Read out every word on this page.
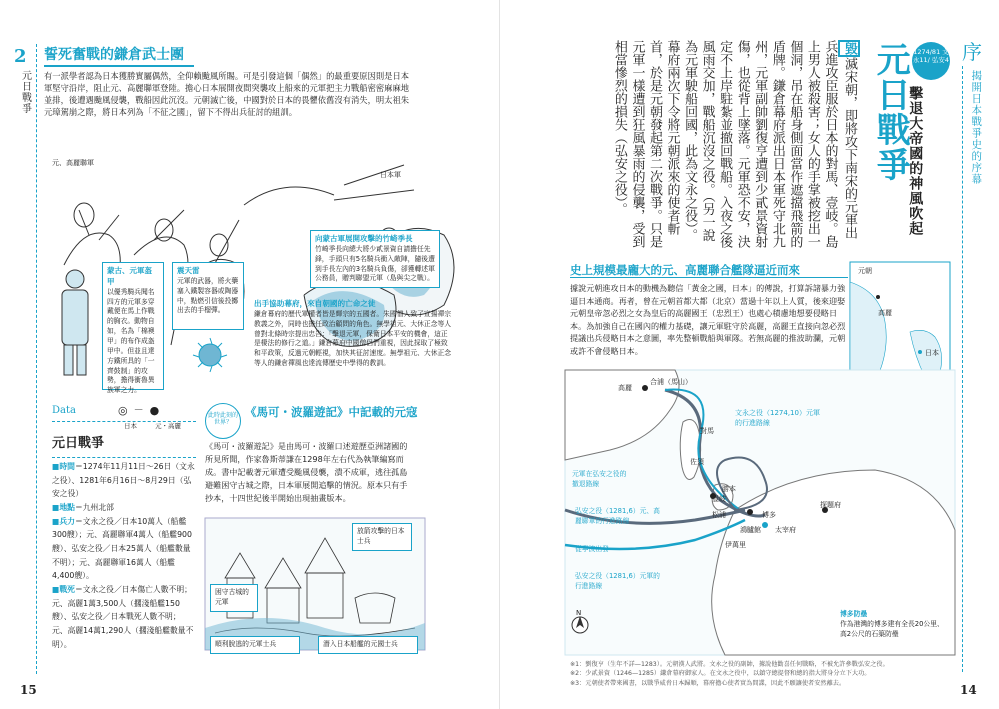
2
元日戰爭
誓死奮戰的鎌倉武士團
有一派學者認為日本獲勝實屬偶然，全仰賴颱風所賜。可是引發這個「偶然」的最重要原因則是日本軍堅守沿岸，阻止元、高麗聯軍登陸。擔心日本展開夜間突襲攻上船來的元軍把主力戰船密密麻麻地並排，後遭遇颱風侵襲，戰船因此沉沒。元朝滅亡後，中國對於日本的畏懼依舊沒有消失，明太祖朱元璋駕崩之際，將日本列為「不征之國」，留下不得出兵征討的組訓。
元、高麗聯軍
日本軍
向蒙古軍展開攻擊的竹崎季長
竹崎季長向總大將少貳景資自請擔任先鋒，手頭只有5名騎兵衝入敵陣，隨後遭到手長左內的3名騎兵負傷，卻獲轉述軍公務員，贈判聯盟元軍（島與尖之戰）。
蒙古、元軍盔甲
以優秀騎兵聞名四方的元軍多穿戴便在馬上作戰的胸衣。動物自如，名為「棉襖甲」的布作成盔甲中。但並且達方鐵所具的「一齊鼓制」的攻勢，擔得衝魯異族軍之力。
震天雷
元軍的武器，將火藥塞入鐵製容器或陶器中，點燃引信後投擲出去的手榴彈。
出手協助幕府，來自朝國的亡命之徒
鎌倉幕府的歷代軍權者皆是輝宗的五國者。朱國僧人致了宣揚禪宗教義之外，同時也擔任政治顧問的角色。無學祖元、大休正念等人曾對北條時宗提出忠告：「擊退元軍，保衛日本平安的機會，這正是棲法的修行之道。」鎌倉幕府中國僧侶們重視，因此採取了極致和平政策，反過元朝輕視，加快其征討速度。無學祖元、大休正念等人的鎌倉禪風也達流傳歷史中學得的教訓。
Data	◎ － ●
日本	元・高麗
元日戰爭
■時間＝1274年11月11日〜26日（文永之役）、1281年6月16日〜8月29日（弘安之役）
■地點＝九州北部
■兵力＝文永之役／日本10萬人（船艦300艘）；元、高麗聯軍4萬人（船艦900艘）、弘安之役／日本25萬人（船艦數量不明）；元、高麗聯軍16萬人（船艦4,400艘）。
■戰死＝文永之役／日本傷亡人數不明；元、高麗1萬3,500人（擱淺船艦150艘）、弘安之役／日本戰死人數不明；元、高麗14萬1,290人（擱淺船艦數量不明）。
此時此刻的世界？
《馬可・波羅遊記》中記載的元寇
《馬可・波羅遊記》是由馬可・波羅口述遊歷亞洲諸國的所見所聞，作家魯斯蒂謙在1298年左右代為執筆編寫而成。書中記載著元軍遭受颱風侵襲，潰不成軍，逃往孤島避難困守古城之際，日本軍展開追擊的情況。原本只有手抄本，十四世紀後半開始出現抽畫版本。
放箭攻擊的日本士兵
困守古城的元軍
順利脫逃的元軍士兵	潛入日本船艦的元國士兵
15
序
揭開日本戰爭史的序幕
1274/81 文永11/ 弘安4
元日戰爭
擊退大帝國的神風吹起
毀滅宋朝，即將攻下南宋的元軍出兵進攻臣服於日本的對馬、壹岐。島上男人被殺害；女人的手掌被挖出一個洞，吊在船身側面當作遮擋飛箭的盾牌。鎌倉幕府派出日本軍死守北九州，元軍副帥劉復亨遭到少貳景資射傷，也從背上墜落。元軍恐不安，決定不上岸駐紮並撤回戰船。入夜之後風雨交加，戰船沉沒之役。（另一說為元軍駛船回國，此為文永之役）。幕府兩次下令將元朝派來的使者斬首，於是元朝發起第二次戰爭。只是元軍一樣遭到狂風暴雨的侵襲，受到相當慘烈的損失（弘安之役）。
史上規模最龐大的元、高麗聯合艦隊逼近而來
據說元朝進攻日本的動機為聽信「黃金之國，日本」的傳說，打算訴諸暴力強逼日本通商。再者，曾在元朝首都大都（北京）當過十年以上人質，後來迎娶元朝皇帝忽必烈之女為皇后的高麗國王（忠烈王）也處心積慮地想要侵略日本。為加強自己在國內的權力基礎，讓元軍駐守於高麗，高麗王直接向忽必烈提議出兵侵略日本之意圖，率先整頓戰船與軍隊。若無高麗的推波助瀾，元朝或許不會侵略日本。
元朝
高麗
日本
高麗
合浦（馬山）
對馬
佐須
勝本
壹岐
博多
鴻臚館 太宰府
伊萬里
松浦
探題府
文永之役（1274,10）元軍的行進路線
元軍在弘安之役的撤退路線
弘安之役（1281,6）元、高麗聯軍的行進路線
從寧波出發
弘安之役（1281,6）元軍的行進路線
N	博多防壘
作為港灣的博多建有全長20公里、高2公尺的石築防壘
※1：劉復亨（生年不詳—1283）。元朝漢人武將。文永之役的副帥，據說他勸喜任何戰略，不被允許參戰弘安之役。
※2：少貳景資（1246—1285）鎌倉幕府御家人。在文永之役中，以鎮守總提督和總的指大將身分立下大功。
※3：元朝使者帶來國書，以戰爭威脅日本歸順，幕府擔心使者實為間諜，因此不願讓使者安然離去。	14
